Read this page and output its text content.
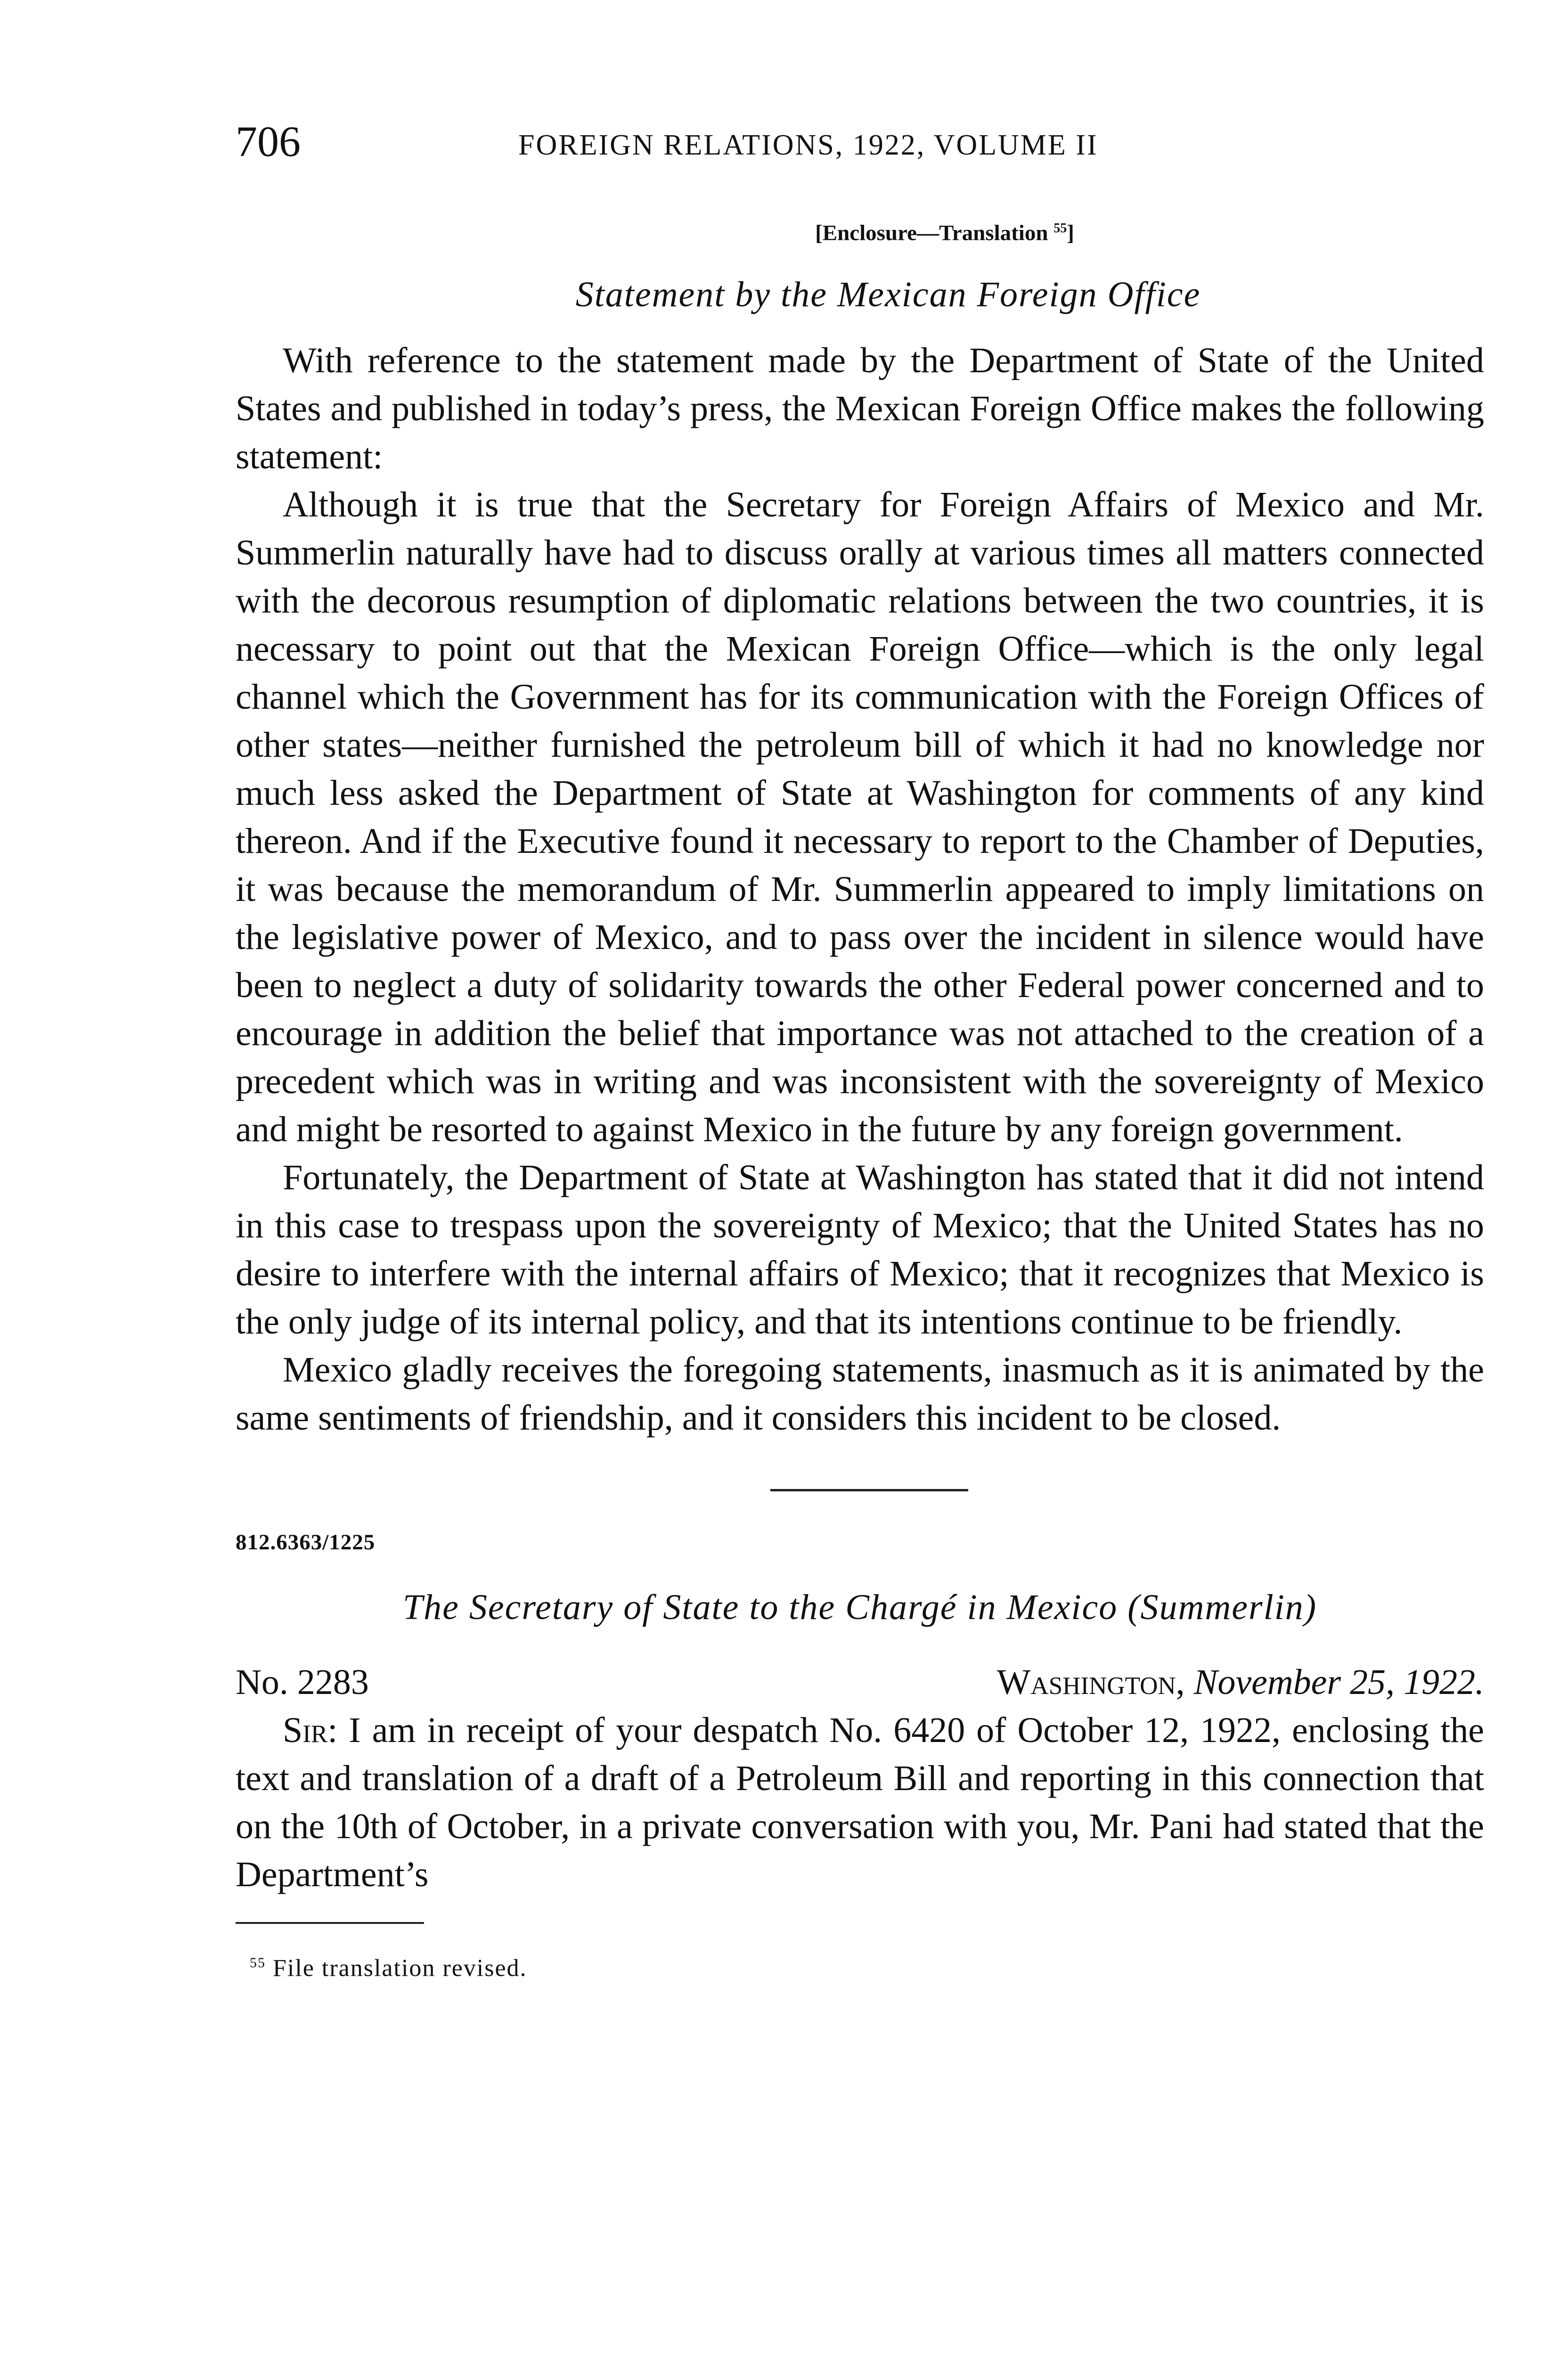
706	FOREIGN RELATIONS, 1922, VOLUME II
[Enclosure—Translation $^{55}$]
Statement by the Mexican Foreign Office

With reference to the statement made by the Department of State of the United States and published in today’s press, the Mexican Foreign Office makes the following statement:

Although it is true that the Secretary for Foreign Affairs of Mexico and Mr. Summerlin naturally have had to discuss orally at various times all matters connected with the decorous resumption of diplomatic relations between the two countries, it is necessary to point out that the Mexican Foreign Office—which is the only legal channel which the Government has for its communication with the Foreign Offices of other states—neither furnished the petroleum bill of which it had no knowledge nor much less asked the Department of State at Washington for comments of any kind thereon. And if the Executive found it necessary to report to the Chamber of Deputies, it was because the memorandum of Mr. Summerlin appeared to imply limitations on the legislative power of Mexico, and to pass over the incident in silence would have been to neglect a duty of solidarity towards the other Federal power concerned and to encourage in addition the belief that importance was not attached to the creation of a precedent which was in writing and was inconsistent with the sovereignty of Mexico and might be resorted to against Mexico in the future by any foreign government.

Fortunately, the Department of State at Washington has stated that it did not intend in this case to trespass upon the sovereignty of Mexico; that the United States has no desire to interfere with the internal affairs of Mexico; that it recognizes that Mexico is the only judge of its internal policy, and that its intentions continue to be friendly.

Mexico gladly receives the foregoing statements, inasmuch as it is animated by the same sentiments of friendship, and it considers this incident to be closed.

812.6363/1225
The Secretary of State to the Chargé in Mexico (Summerlin)
No. 2283	Washington, November 25, 1922.

Sir: I am in receipt of your despatch No. 6420 of October 12, 1922, enclosing the text and translation of a draft of a Petroleum Bill and reporting in this connection that on the 10th of October, in a private conversation with you, Mr. Pani had stated that the Department’s

$^{55}$ File translation revised.
